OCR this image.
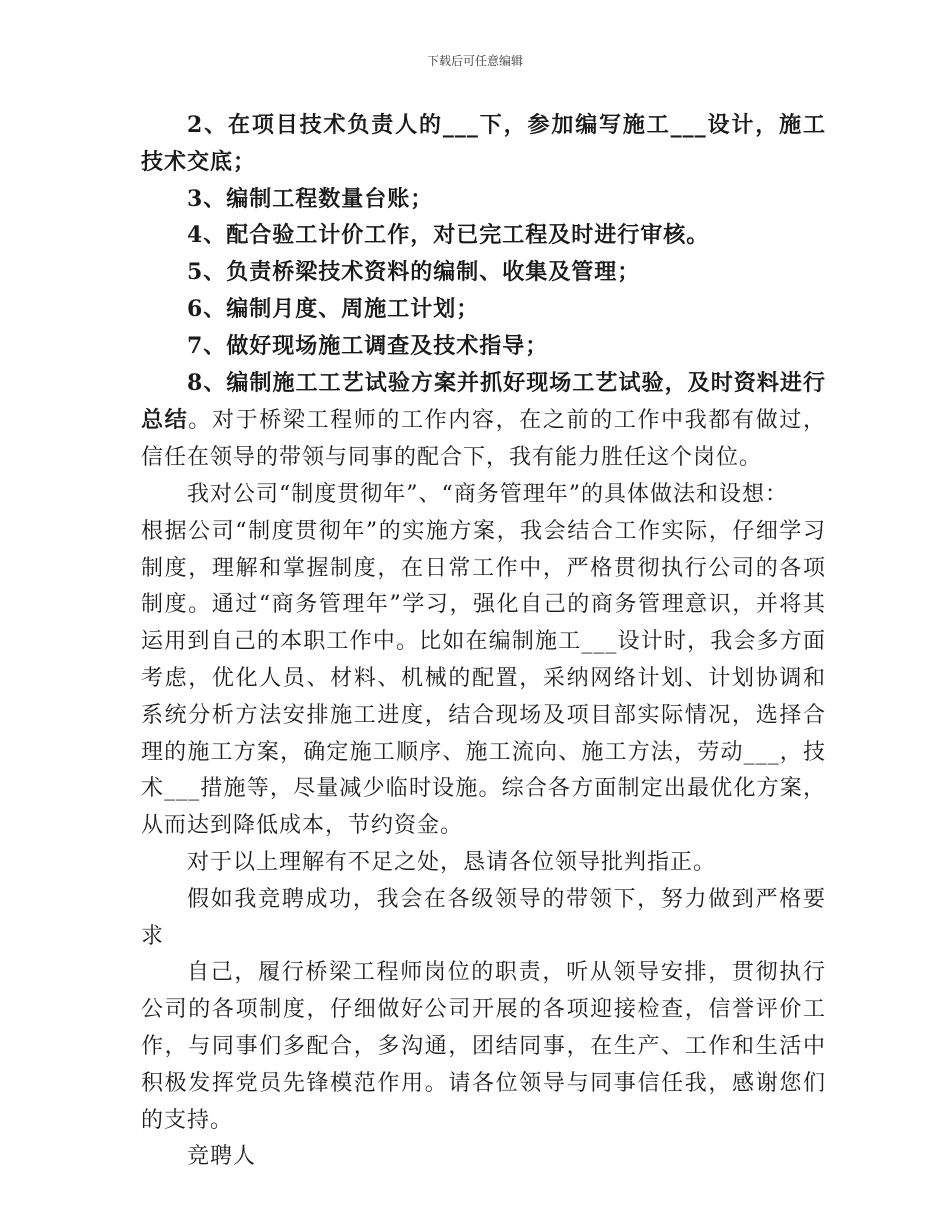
下载后可任意编辑

2、在项目技术负责人的___下，参加编写施工___设计，施工技术交底；

3、编制工程数量台账；

4、配合验工计价工作，对已完工程及时进行审核。

5、负责桥梁技术资料的编制、收集及管理；

6、编制月度、周施工计划；

7、做好现场施工调查及技术指导；

8、编制施工工艺试验方案并抓好现场工艺试验，及时资料进行总结。对于桥梁工程师的工作内容，在之前的工作中我都有做过，信任在领导的带领与同事的配合下，我有能力胜任这个岗位。

我对公司“制度贯彻年”、“商务管理年”的具体做法和设想：

根据公司“制度贯彻年”的实施方案，我会结合工作实际，仔细学习制度，理解和掌握制度，在日常工作中，严格贯彻执行公司的各项制度。通过“商务管理年”学习，强化自己的商务管理意识，并将其运用到自己的本职工作中。比如在编制施工___设计时，我会多方面考虑，优化人员、材料、机械的配置，采纳网络计划、计划协调和系统分析方法安排施工进度，结合现场及项目部实际情况，选择合理的施工方案，确定施工顺序、施工流向、施工方法，劳动___，技术___措施等，尽量减少临时设施。综合各方面制定出最优化方案，从而达到降低成本，节约资金。

对于以上理解有不足之处，恳请各位领导批判指正。

假如我竞聘成功，我会在各级领导的带领下，努力做到严格要求

自己，履行桥梁工程师岗位的职责，听从领导安排，贯彻执行公司的各项制度，仔细做好公司开展的各项迎接检查，信誉评价工作，与同事们多配合，多沟通，团结同事，在生产、工作和生活中积极发挥党员先锋模范作用。请各位领导与同事信任我，感谢您们的支持。

竞聘人
